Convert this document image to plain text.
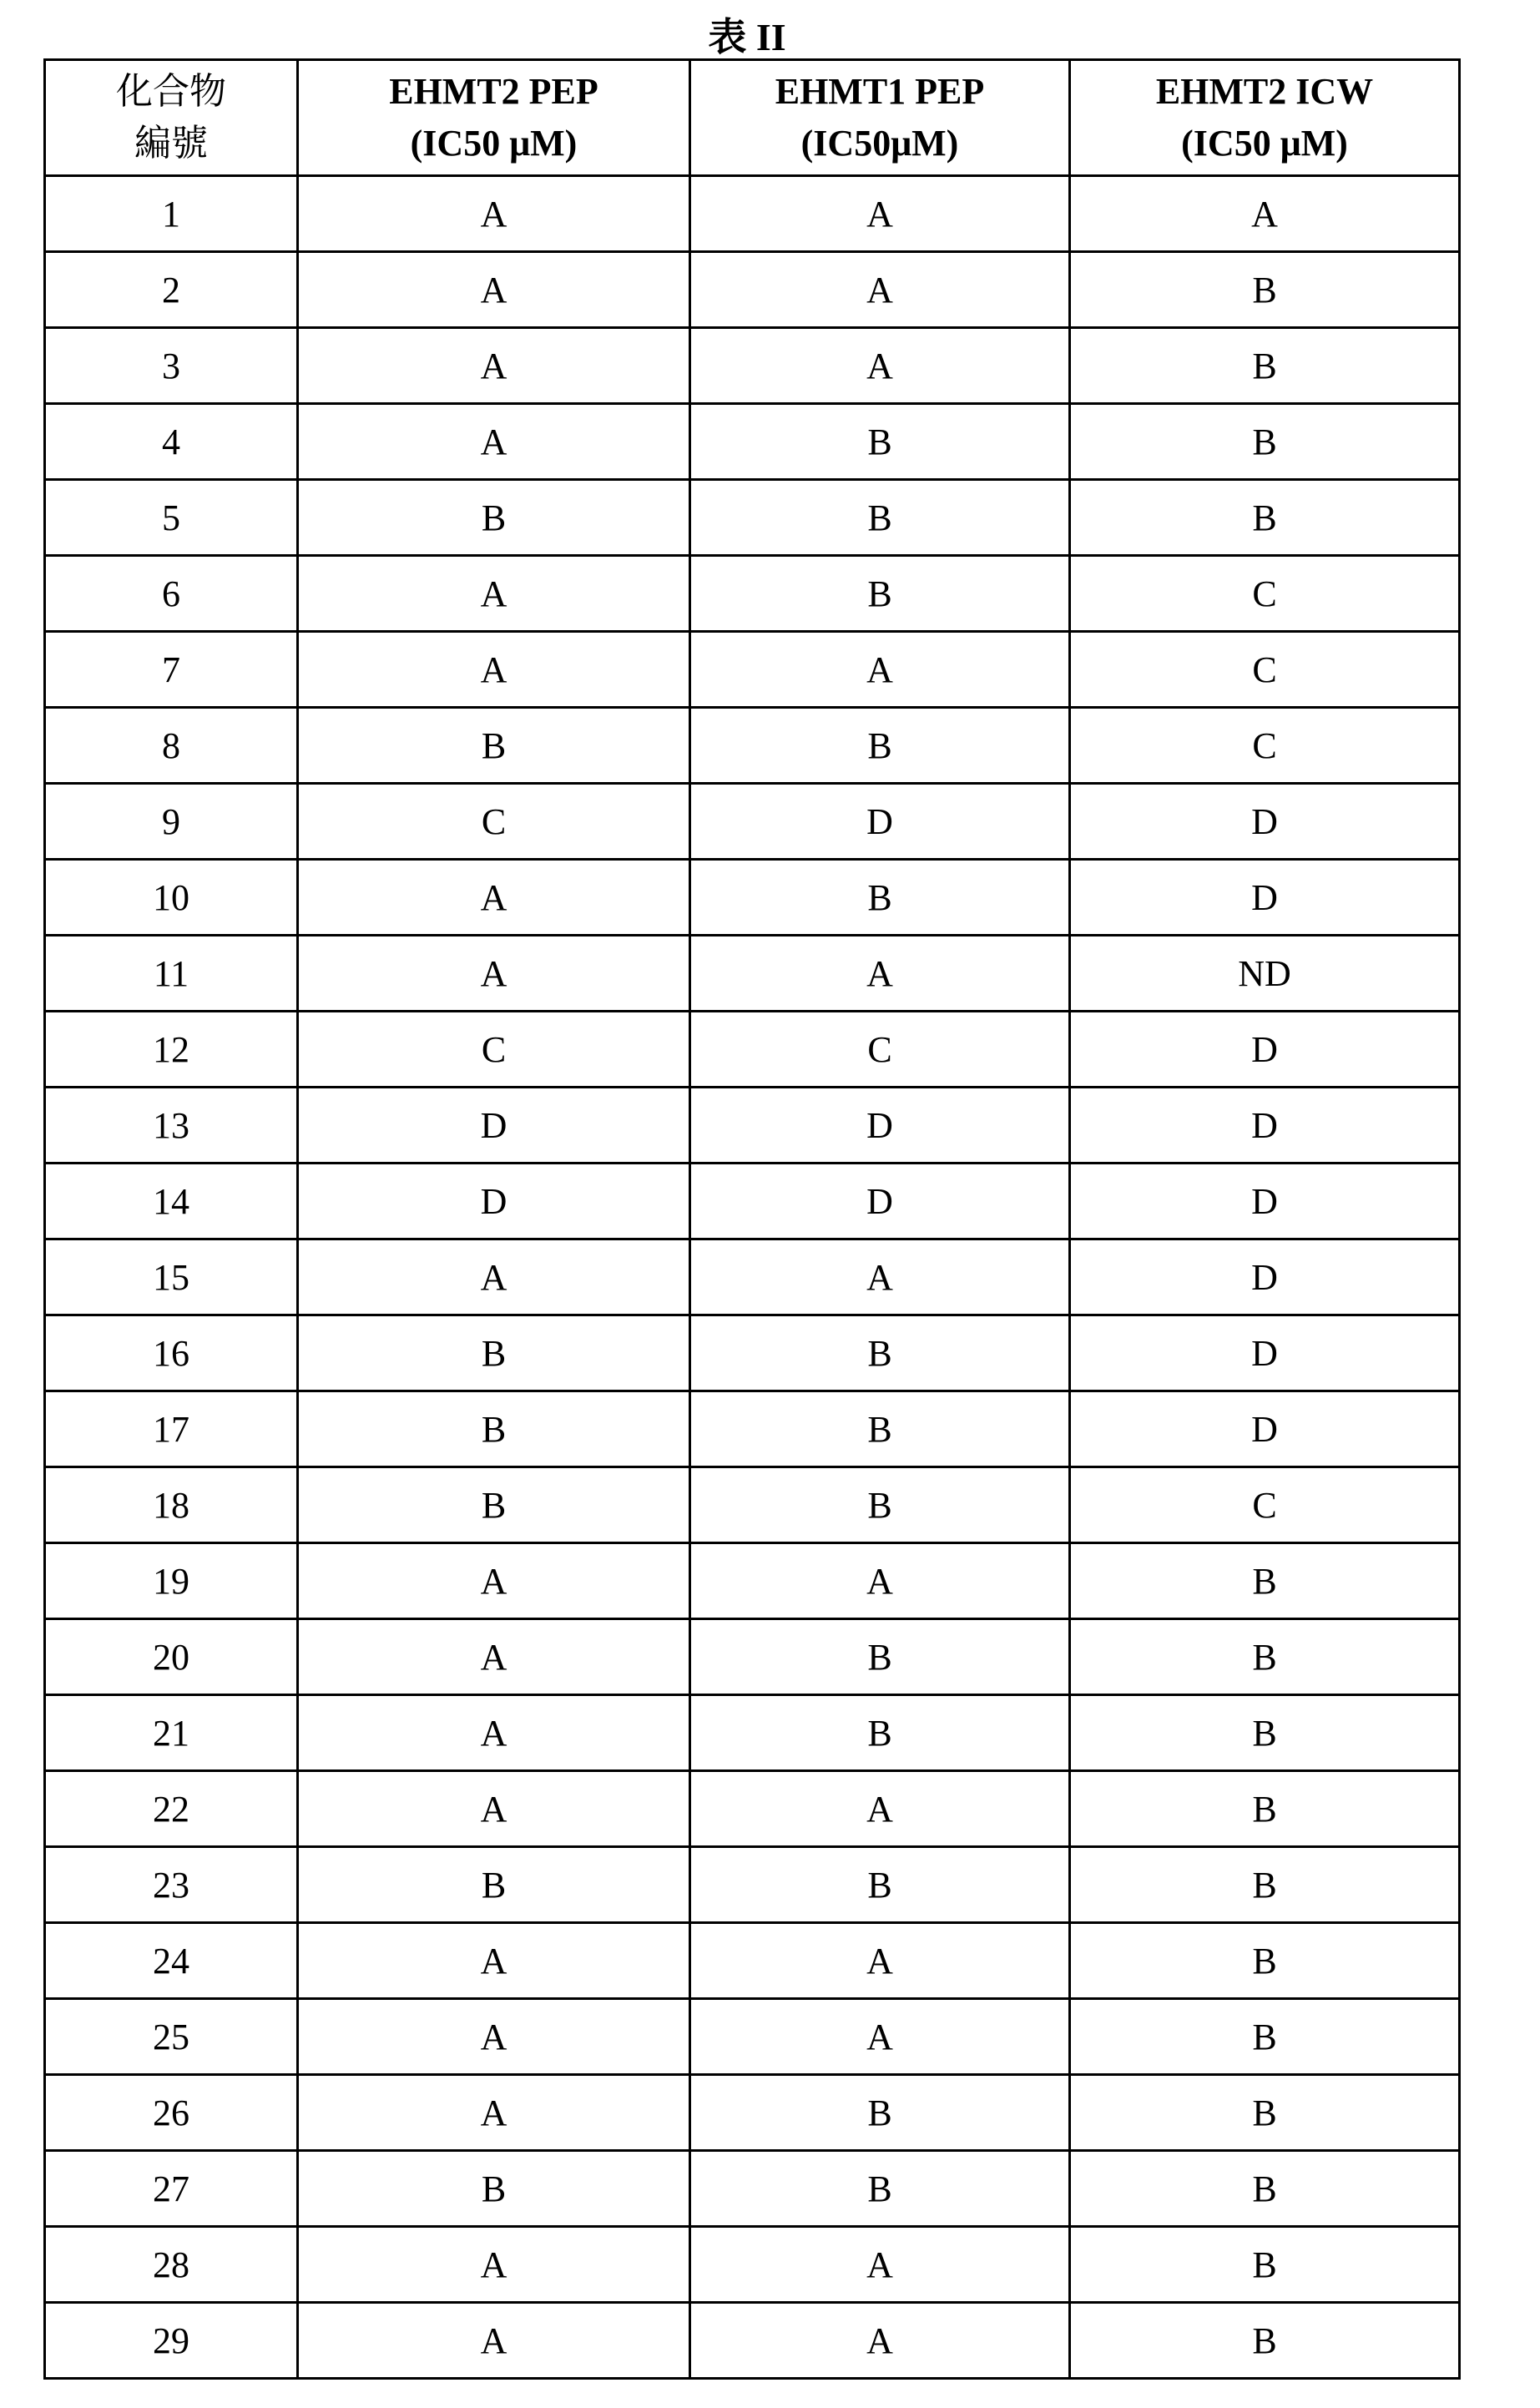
表 II
化合物
編號	EHMT2 PEP
(IC50 μM)	EHMT1 PEP
(IC50μM)	EHMT2 ICW
(IC50 μM)
1	A	A	A
2	A	A	B
3	A	A	B
4	A	B	B
5	B	B	B
6	A	B	C
7	A	A	C
8	B	B	C
9	C	D	D
10	A	B	D
11	A	A	ND
12	C	C	D
13	D	D	D
14	D	D	D
15	A	A	D
16	B	B	D
17	B	B	D
18	B	B	C
19	A	A	B
20	A	B	B
21	A	B	B
22	A	A	B
23	B	B	B
24	A	A	B
25	A	A	B
26	A	B	B
27	B	B	B
28	A	A	B
29	A	A	B
